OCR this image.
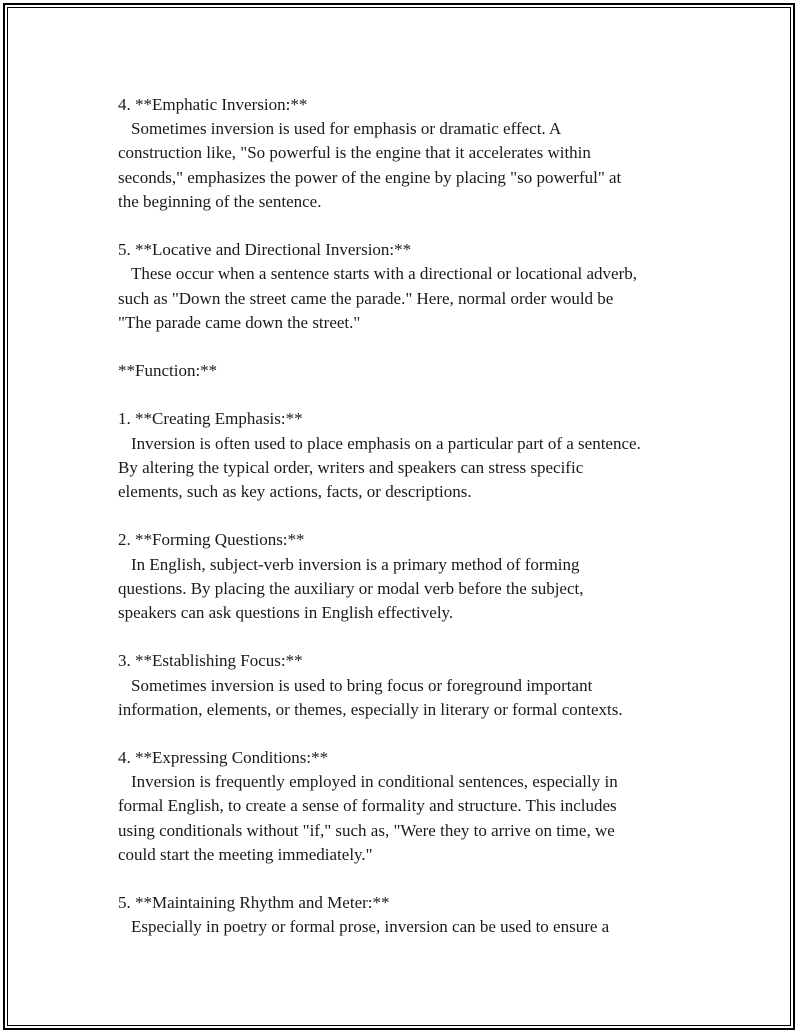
4. **Emphatic Inversion:**
Sometimes inversion is used for emphasis or dramatic effect. A
construction like, "So powerful is the engine that it accelerates within
seconds," emphasizes the power of the engine by placing "so powerful" at
the beginning of the sentence.
5. **Locative and Directional Inversion:**
These occur when a sentence starts with a directional or locational adverb,
such as "Down the street came the parade." Here, normal order would be
"The parade came down the street."
**Function:**
1. **Creating Emphasis:**
Inversion is often used to place emphasis on a particular part of a sentence.
By altering the typical order, writers and speakers can stress specific
elements, such as key actions, facts, or descriptions.
2. **Forming Questions:**
In English, subject-verb inversion is a primary method of forming
questions. By placing the auxiliary or modal verb before the subject,
speakers can ask questions in English effectively.
3. **Establishing Focus:**
Sometimes inversion is used to bring focus or foreground important
information, elements, or themes, especially in literary or formal contexts.
4. **Expressing Conditions:**
Inversion is frequently employed in conditional sentences, especially in
formal English, to create a sense of formality and structure. This includes
using conditionals without "if," such as, "Were they to arrive on time, we
could start the meeting immediately."
5. **Maintaining Rhythm and Meter:**
Especially in poetry or formal prose, inversion can be used to ensure a
